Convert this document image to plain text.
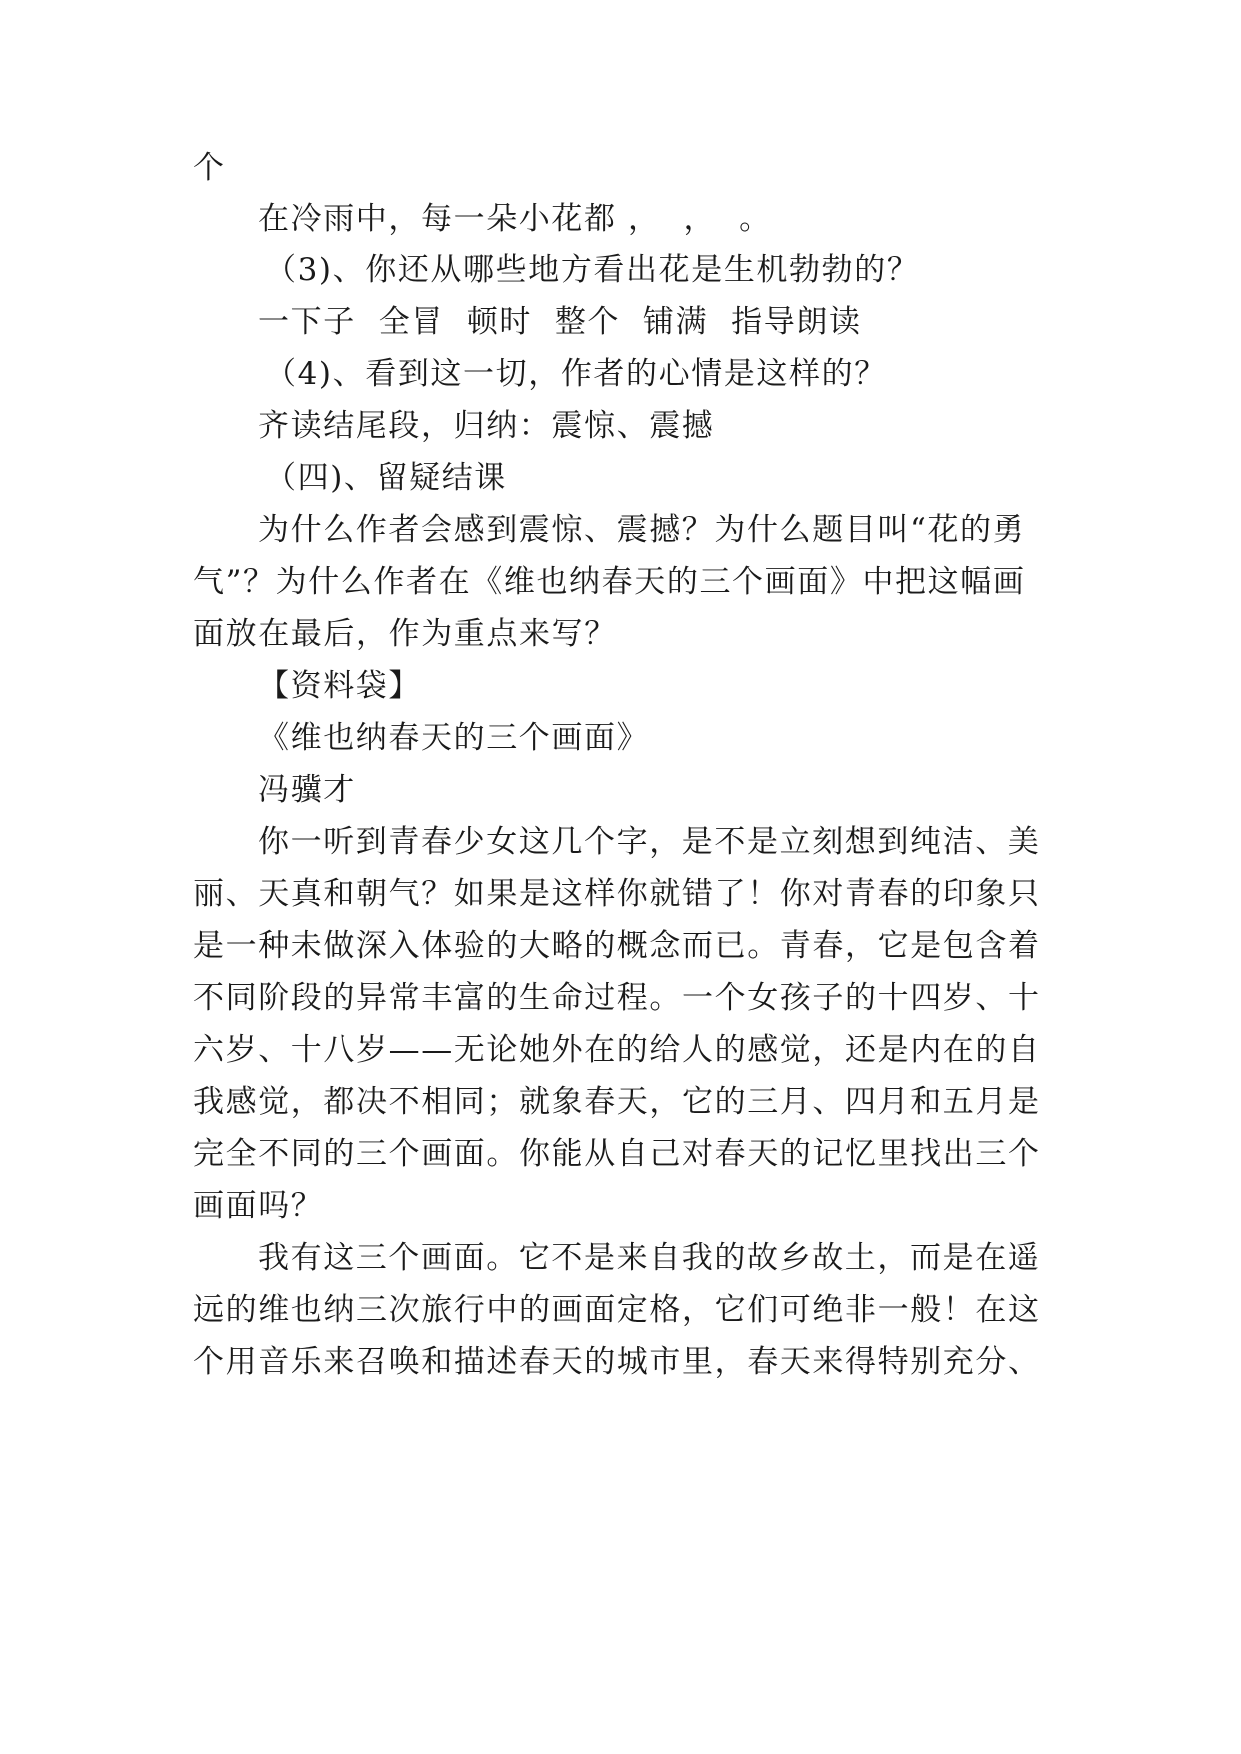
个
在冷雨中，每一朵小花都 ，  ，  。
（3)、你还从哪些地方看出花是生机勃勃的？
一下子  全冒  顿时  整个  铺满  指导朗读
（4)、看到这一切，作者的心情是这样的？
齐读结尾段，归纳：震惊、震撼
（四)、留疑结课
为什么作者会感到震惊、震撼？为什么题目叫“花的勇
气”？为什么作者在《维也纳春天的三个画面》中把这幅画
面放在最后，作为重点来写？
【资料袋】
《维也纳春天的三个画面》
冯骥才
你一听到青春少女这几个字，是不是立刻想到纯洁、美
丽、天真和朝气？如果是这样你就错了！你对青春的印象只
是一种未做深入体验的大略的概念而已。青春，它是包含着
不同阶段的异常丰富的生命过程。一个女孩子的十四岁、十
六岁、十八岁——无论她外在的给人的感觉，还是内在的自
我感觉，都决不相同；就象春天，它的三月、四月和五月是
完全不同的三个画面。你能从自己对春天的记忆里找出三个
画面吗？
我有这三个画面。它不是来自我的故乡故土，而是在遥
远的维也纳三次旅行中的画面定格，它们可绝非一般！在这
个用音乐来召唤和描述春天的城市里，春天来得特别充分、
